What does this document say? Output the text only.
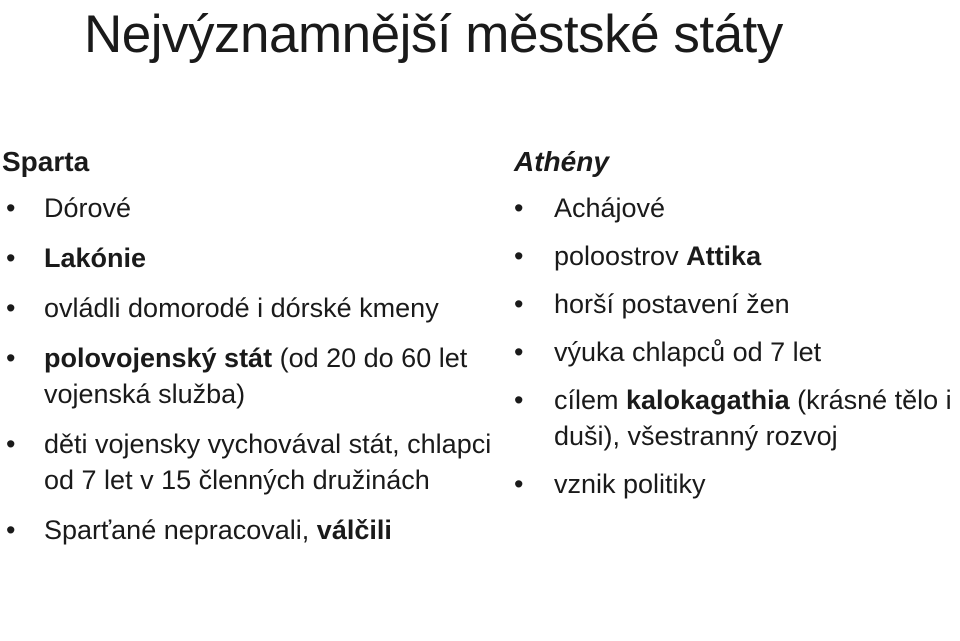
Nejvýznamnější městské státy
Sparta
•	Dórové
•	Lakónie
•	ovládli domorodé i dórské kmeny
•	polovojenský stát (od 20 do 60 let vojenská služba)
•	děti vojensky vychovával stát, chlapci od 7 let v 15 členných družinách
•	Sparťané nepracovali, válčili
Athény
•	Achájové
•	poloostrov Attika
•	horší postavení žen
•	výuka chlapců od 7 let
•	cílem kalokagathia (krásné tělo i duši), všestranný rozvoj
•	vznik politiky
